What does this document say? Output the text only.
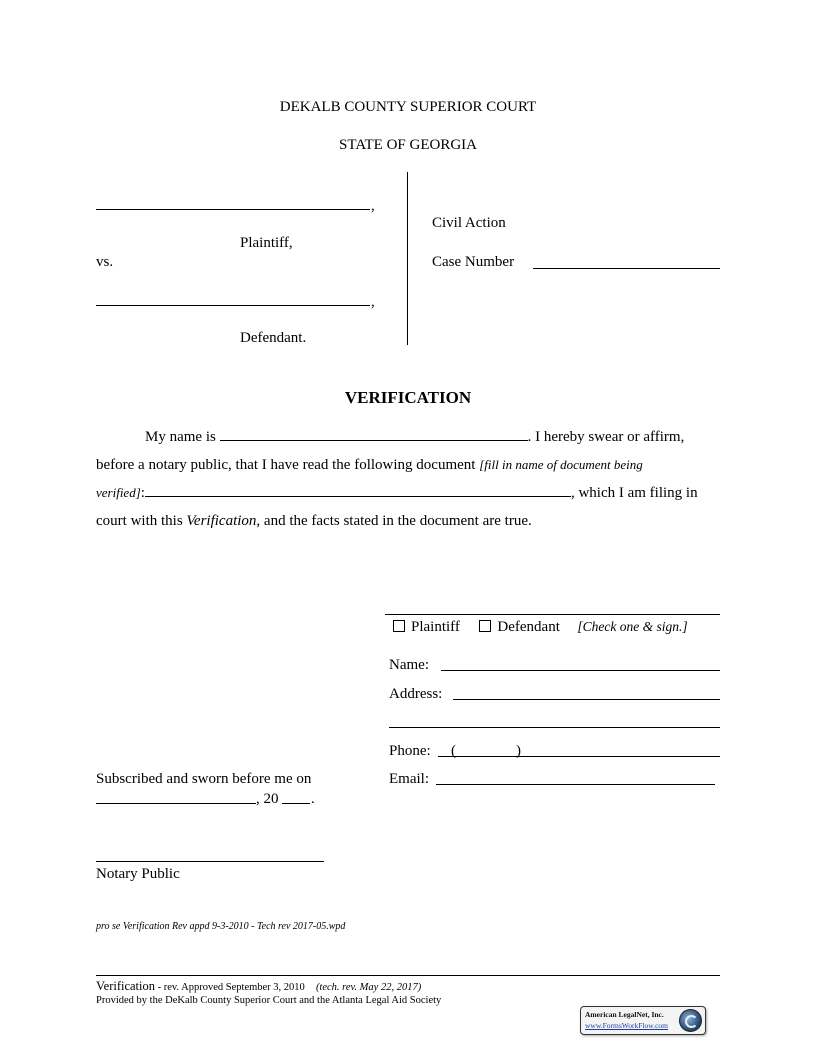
DEKALB COUNTY SUPERIOR COURT
STATE OF GEORGIA
,
Plaintiff,
vs.
,
Defendant.
Civil Action
Case Number
VERIFICATION
My name is	. I hereby swear or affirm,
before a notary public, that I have read the following document [fill in name of document being
verified]:	, which I am filing in
court with this Verification, and the facts stated in the document are true.
Plaintiff	Defendant [Check one & sign.]
Name:
Address:
Phone: (	)
Email:
Subscribed and sworn before me on
, 20 .
Notary Public
pro se Verification Rev appd 9-3-2010 - Tech rev 2017-05.wpd
Verification - rev. Approved September 3, 2010 (tech. rev. May 22, 2017)
Provided by the DeKalb County Superior Court and the Atlanta Legal Aid Society
American LegalNet, Inc.
www.FormsWorkFlow.com
